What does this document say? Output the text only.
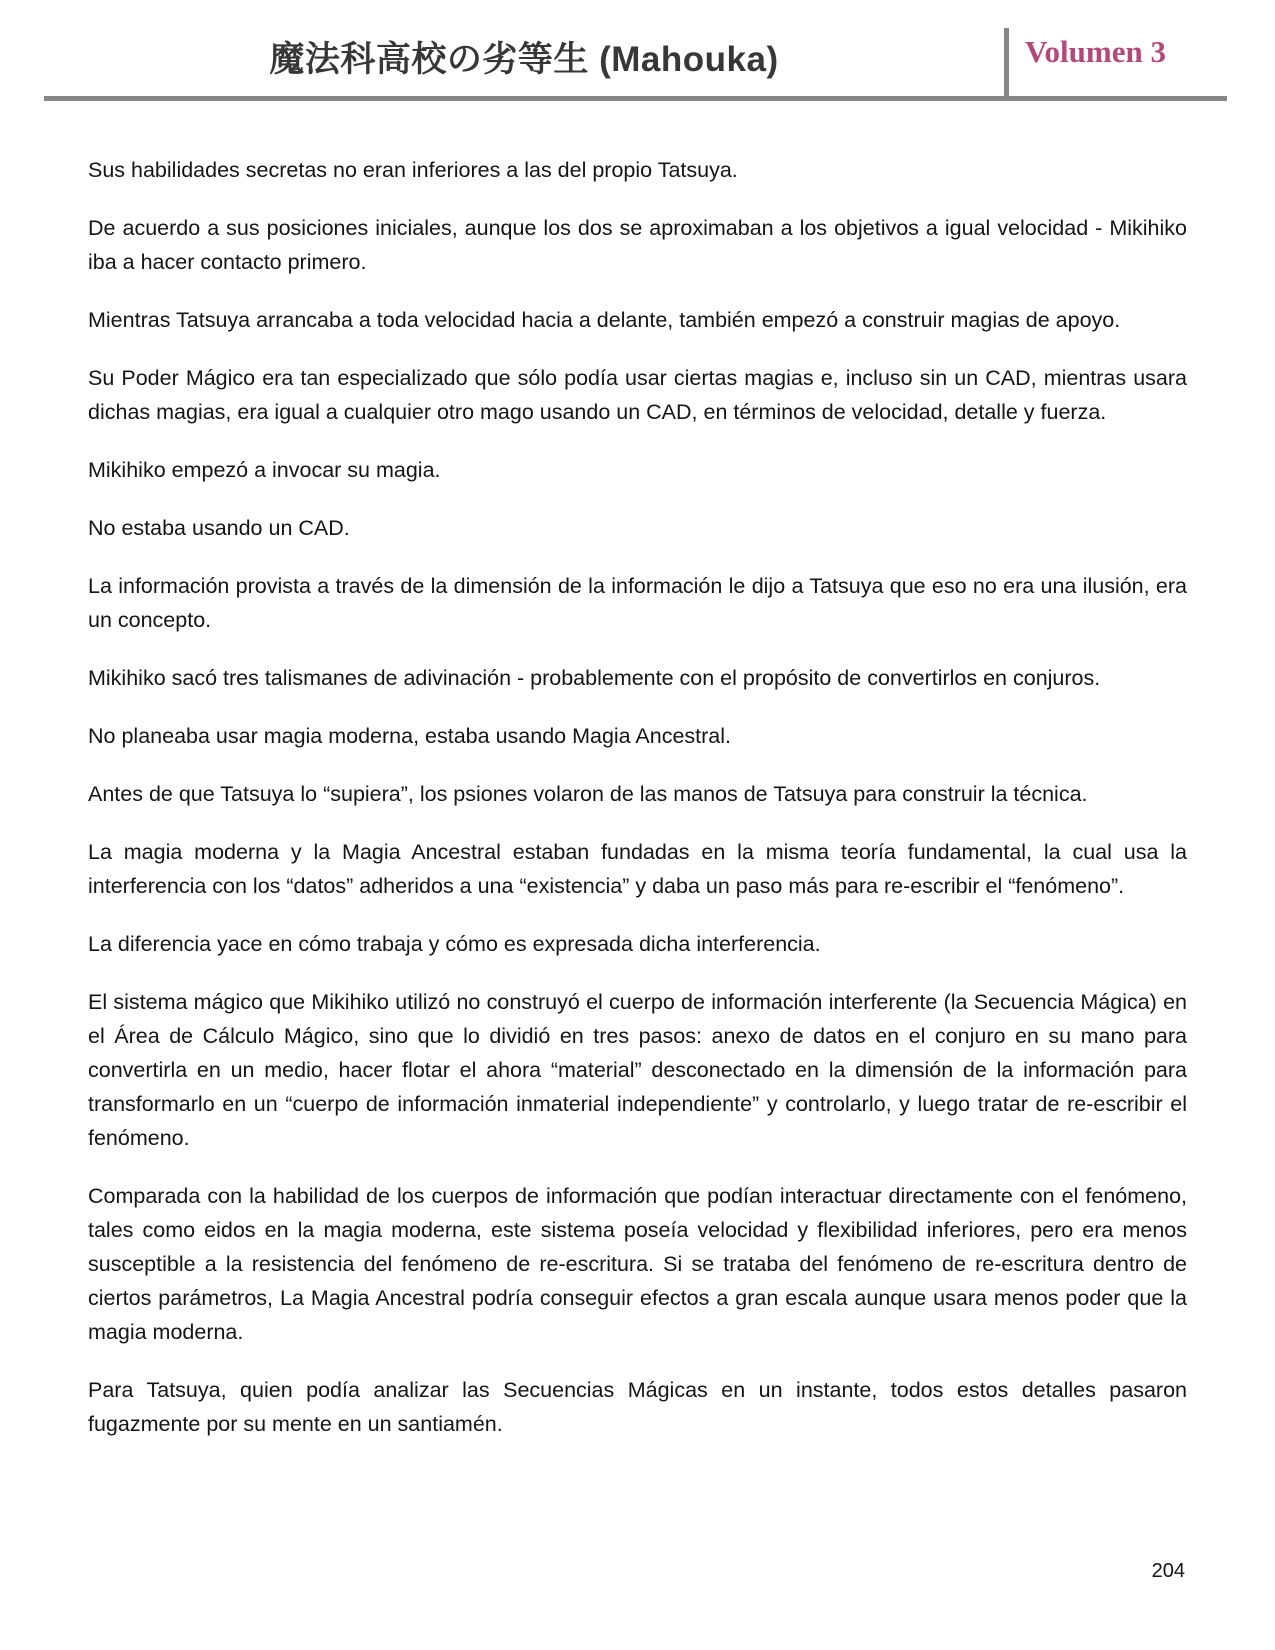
魔法科高校の劣等生 (Mahouka)	Volumen 3

Sus habilidades secretas no eran inferiores a las del propio Tatsuya.

De acuerdo a sus posiciones iniciales, aunque los dos se aproximaban a los objetivos a igual velocidad - Mikihiko iba a hacer contacto primero.

Mientras Tatsuya arrancaba a toda velocidad hacia a delante, también empezó a construir magias de apoyo.

Su Poder Mágico era tan especializado que sólo podía usar ciertas magias e, incluso sin un CAD, mientras usara dichas magias, era igual a cualquier otro mago usando un CAD, en términos de velocidad, detalle y fuerza.

Mikihiko empezó a invocar su magia.

No estaba usando un CAD.

La información provista a través de la dimensión de la información le dijo a Tatsuya que eso no era una ilusión, era un concepto.

Mikihiko sacó tres talismanes de adivinación - probablemente con el propósito de convertirlos en conjuros.

No planeaba usar magia moderna, estaba usando Magia Ancestral.

Antes de que Tatsuya lo “supiera”, los psiones volaron de las manos de Tatsuya para construir la técnica.

La magia moderna y la Magia Ancestral estaban fundadas en la misma teoría fundamental, la cual usa la interferencia con los “datos” adheridos a una “existencia” y daba un paso más para re-escribir el “fenómeno”.

La diferencia yace en cómo trabaja y cómo es expresada dicha interferencia.

El sistema mágico que Mikihiko utilizó no construyó el cuerpo de información interferente (la Secuencia Mágica) en el Área de Cálculo Mágico, sino que lo dividió en tres pasos: anexo de datos en el conjuro en su mano para convertirla en un medio, hacer flotar el ahora “material” desconectado en la dimensión de la información para transformarlo en un “cuerpo de información inmaterial independiente” y controlarlo, y luego tratar de re-escribir el fenómeno.

Comparada con la habilidad de los cuerpos de información que podían interactuar directamente con el fenómeno, tales como eidos en la magia moderna, este sistema poseía velocidad y flexibilidad inferiores, pero era menos susceptible a la resistencia del fenómeno de re-escritura. Si se trataba del fenómeno de re-escritura dentro de ciertos parámetros, La Magia Ancestral podría conseguir efectos a gran escala aunque usara menos poder que la magia moderna.

Para Tatsuya, quien podía analizar las Secuencias Mágicas en un instante, todos estos detalles pasaron fugazmente por su mente en un santiamén.

204
